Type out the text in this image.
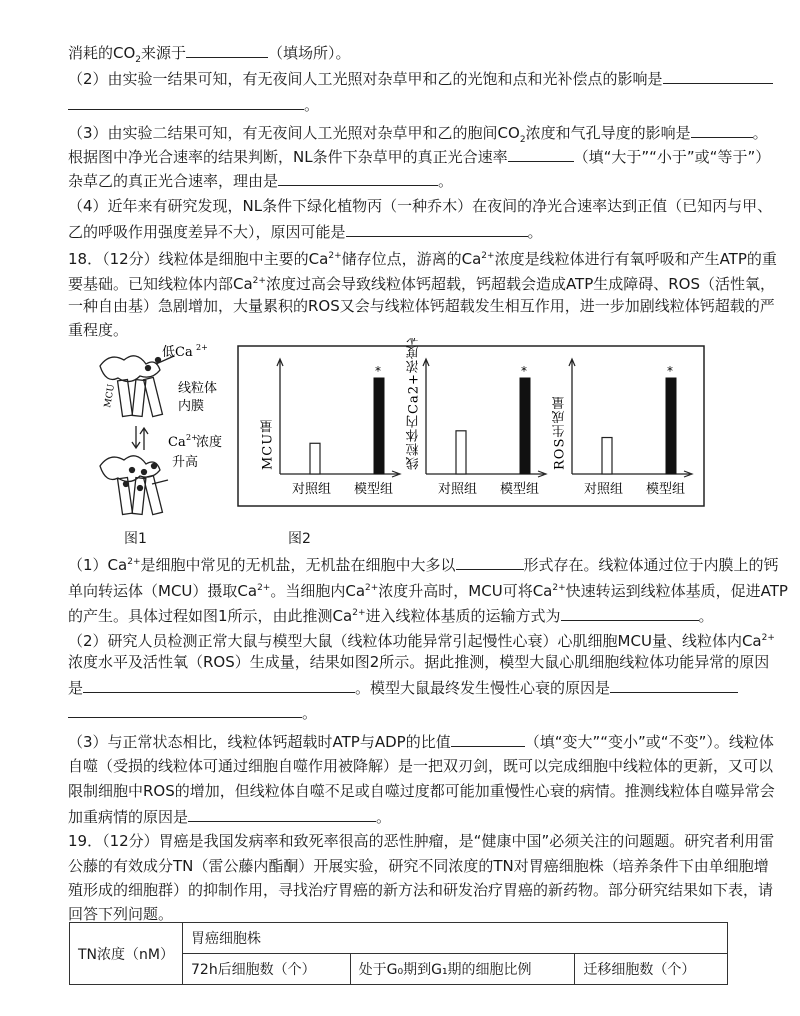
消耗的$CO_2$来源于	（填场所）。
（2）由实验一结果可知，有无夜间人工光照对杂草甲和乙的光饱和点和光补偿点的影响是
。
（3）由实验二结果可知，有无夜间人工光照对杂草甲和乙的胞间$CO_2$浓度和气孔导度的影响是	。
根据图中净光合速率的结果判断，NL条件下杂草甲的真正光合速率	（填“大于”“小于”或“等于”）
杂草乙的真正光合速率，理由是	。
（4）近年来有研究发现，NL条件下绿化植物丙（一种乔木）在夜间的净光合速率达到正值（已知丙与甲、
乙的呼吸作用强度差异不大），原因可能是	。
18．（12分）线粒体是细胞中主要的$Ca^{2+}$储存位点，游离的$Ca^{2+}$浓度是线粒体进行有氧呼吸和产生ATP的重
要基础。已知线粒体内部$Ca^{2+}$浓度过高会导致线粒体钙超载，钙超载会造成ATP生成障碍、ROS（活性氧，
一种自由基）急剧增加，大量累积的ROS又会与线粒体钙超载发生相互作用，进一步加剧线粒体钙超载的严
重程度。
MCU
低Ca 2+
线粒体
内膜
Ca 2+
浓度
升高	MCU量
*
对照组 模型组
线粒体内Ca2+浓度水平	*
对照组 模型组
ROS生成量
*
对照组 模型组
图1	图2
$(1)Ca^{2+}$是细胞中常见的无机盐，无机盐在细胞中大多以	形式存在。线粒体通过位于内膜上的钙
单向转运体（MCU）摄取$Ca^{2+}$。当细胞内$Ca^{2+}$浓度升高时，MCU可将$Ca^{2+}$快速转运到线粒体基质，促进ATP
的产生。具体过程如图1所示，由此推测$Ca^{2+}$进入线粒体基质的运输方式为	。
（2）研究人员检测正常大鼠与模型大鼠（线粒体功能异常引起慢性心衰）心肌细胞MCU量、线粒体内$Ca^{2+}$
浓度水平及活性氧（ROS）生成量，结果如图2所示。据此推测，模型大鼠心肌细胞线粒体功能异常的原因
是	。模型大鼠最终发生慢性心衰的原因是
。
（3）与正常状态相比，线粒体钙超载时ATP与ADP的比值	（填“变大”“变小”或“不变”）。线粒体
自噬（受损的线粒体可通过细胞自噬作用被降解）是一把双刃剑，既可以完成细胞中线粒体的更新，又可以
限制细胞中ROS的增加，但线粒体自噬不足或自噬过度都可能加重慢性心衰的病情。推测线粒体自噬异常会
加重病情的原因是	。
19．（12分）胃癌是我国发病率和致死率很高的恶性肿瘤，是“健康中国”必须关注的问题题。研究者利用雷
公藤的有效成分TN（雷公藤内酯酮）开展实验，研究不同浓度的TN对胃癌细胞株（培养条件下由单细胞增
殖形成的细胞群）的抑制作用，寻找治疗胃癌的新方法和研发治疗胃癌的新药物。部分研究结果如下表，请
回答下列问题。
TN浓度（nM）	胃癌细胞株		
	72h后细胞数（个）	处于G₀期到G₁期的细胞比例	迁移细胞数（个）
